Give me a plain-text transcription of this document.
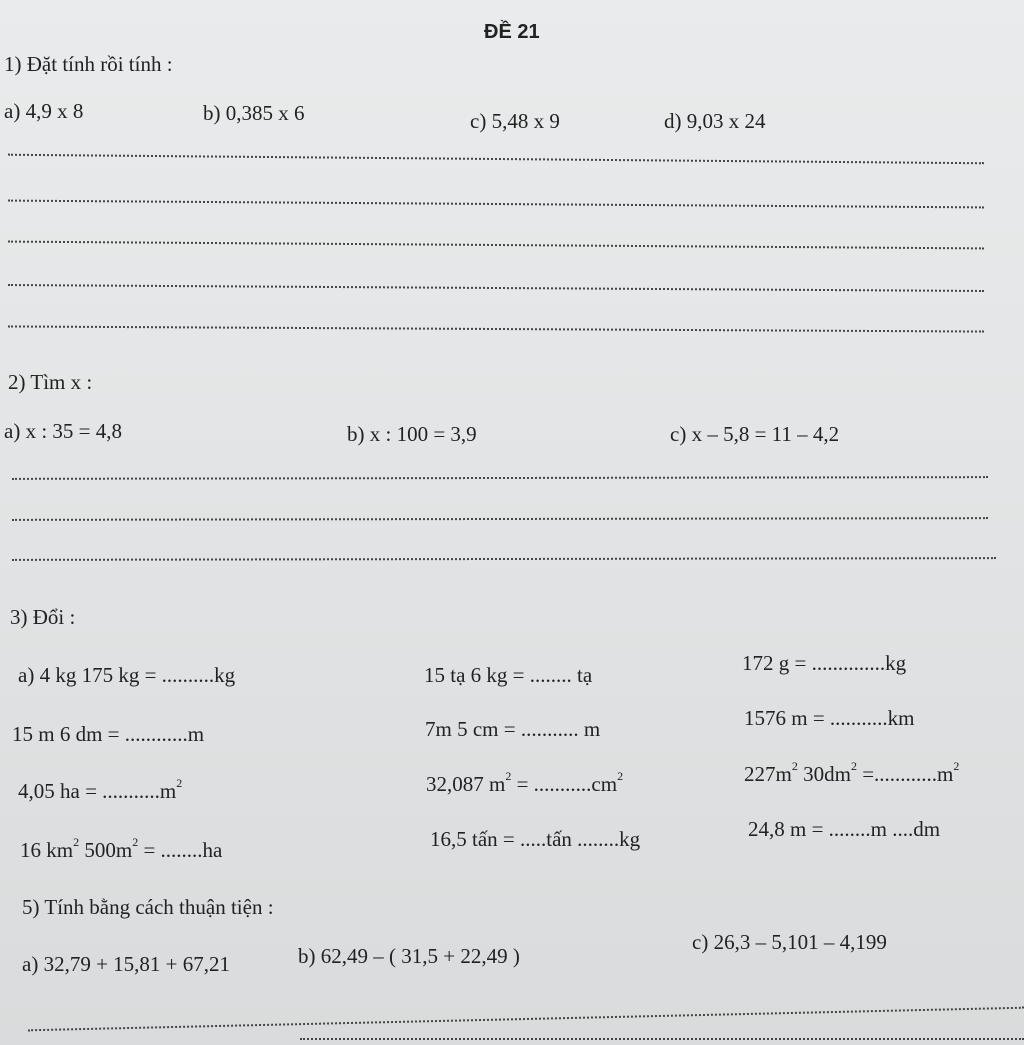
ĐỀ 21
1) Đặt tính rồi tính :
a) 4,9 x 8	b) 0,385 x 6	c) 5,48 x 9	d) 9,03 x 24
2) Tìm x :
a) x : 35 = 4,8	b) x : 100 = 3,9	c) x – 5,8 = 11 – 4,2
3) Đổi :
a) 4 kg 175 kg = ..........kg	15 tạ 6 kg = ........ tạ	172 g = ..............kg
15 m 6 dm = ............m	7m 5 cm = ........... m	1576 m = ...........km
4,05 ha = $...........m^2$	32,087 $m^2 = ...........cm^2$	$227m^2$ $30dm^2 =............m^2$
16 $km^2$ $500m^2 = ........ha$	16,5 tấn = .....tấn ........kg	24,8 m = ........m ....dm
5) Tính bằng cách thuận tiện :
a) 32,79 + 15,81 + 67,21	b) 62,49 – ( 31,5 + 22,49 )
c) 26,3 – 5,101 – 4,199
